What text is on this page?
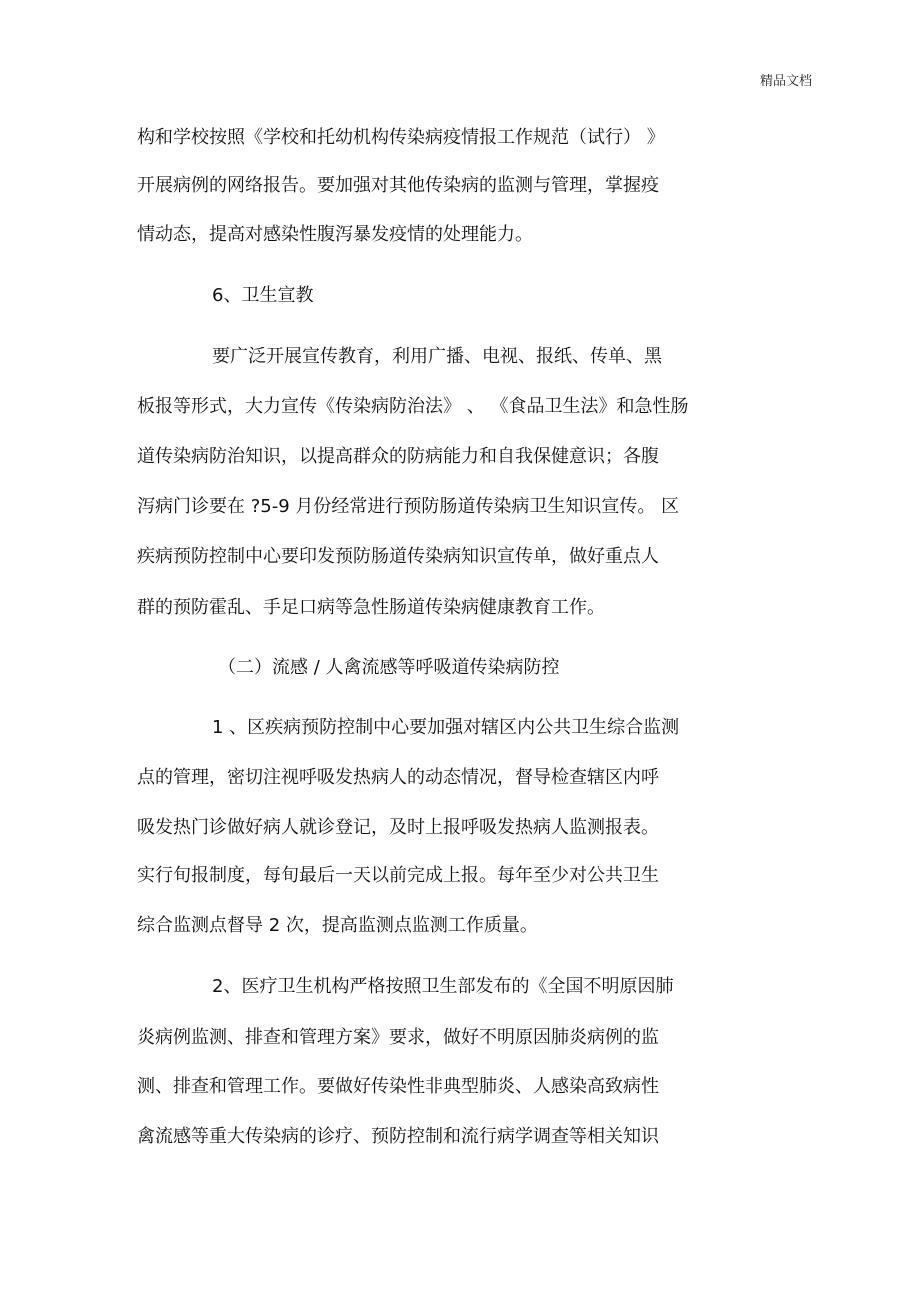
精品文档
构和学校按照《学校和托幼机构传染病疫情报工作规范（试行） 》
开展病例的网络报告。要加强对其他传染病的监测与管理，掌握疫
情动态，提高对感染性腹泻暴发疫情的处理能力。
6、卫生宣教
要广泛开展宣传教育，利用广播、电视、报纸、传单、黑
板报等形式，大力宣传《传染病防治法》 、 《食品卫生法》和急性肠
道传染病防治知识，以提高群众的防病能力和自我保健意识；各腹
泻病门诊要在 ?5-9 月份经常进行预防肠道传染病卫生知识宣传。 区
疾病预防控制中心要印发预防肠道传染病知识宣传单，做好重点人
群的预防霍乱、手足口病等急性肠道传染病健康教育工作。
（二）流感 / 人禽流感等呼吸道传染病防控
1 、区疾病预防控制中心要加强对辖区内公共卫生综合监测
点的管理，密切注视呼吸发热病人的动态情况，督导检查辖区内呼
吸发热门诊做好病人就诊登记，及时上报呼吸发热病人监测报表。
实行旬报制度，每旬最后一天以前完成上报。每年至少对公共卫生
综合监测点督导 2 次，提高监测点监测工作质量。
2、医疗卫生机构严格按照卫生部发布的《全国不明原因肺
炎病例监测、排查和管理方案》要求，做好不明原因肺炎病例的监
测、排查和管理工作。要做好传染性非典型肺炎、人感染高致病性
禽流感等重大传染病的诊疗、预防控制和流行病学调查等相关知识
